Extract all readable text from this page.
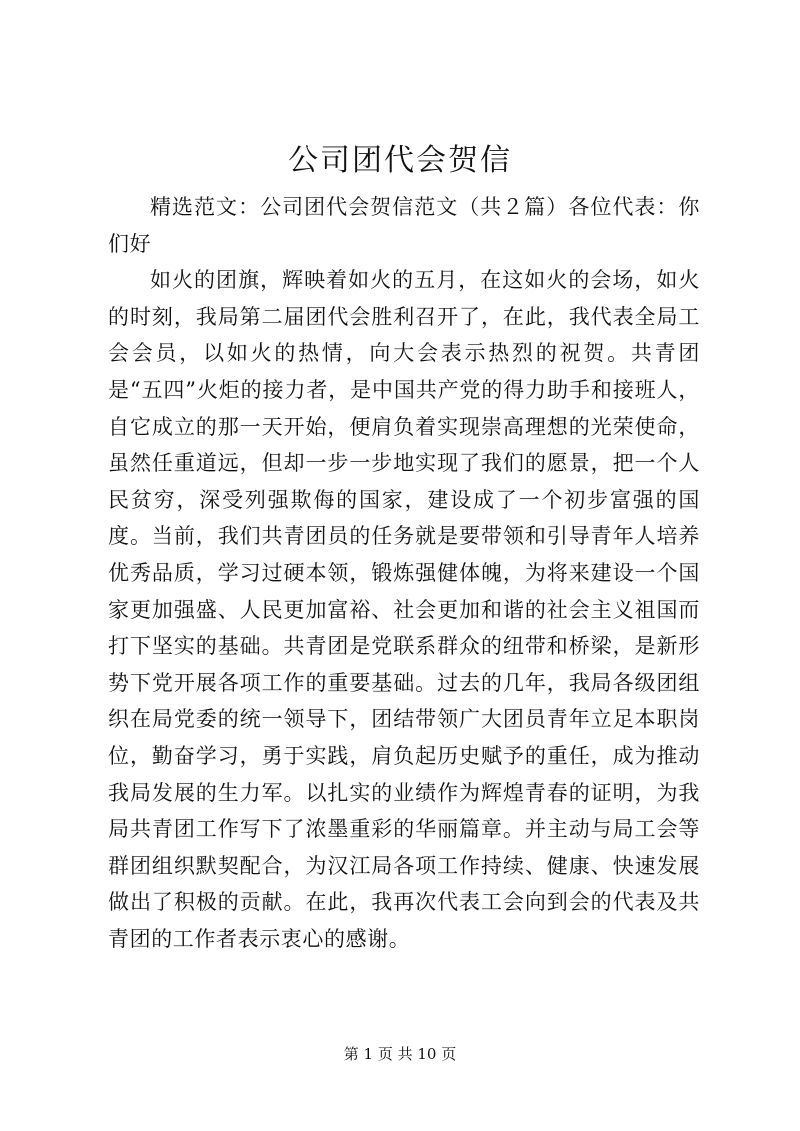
公司团代会贺信

精选范文：公司团代会贺信范文（共２篇）各位代表：你们好

如火的团旗，辉映着如火的五月，在这如火的会场，如火的时刻，我局第二届团代会胜利召开了，在此，我代表全局工会会员，以如火的热情，向大会表示热烈的祝贺。共青团是“五四”火炬的接力者，是中国共产党的得力助手和接班人，自它成立的那一天开始，便肩负着实现崇高理想的光荣使命，虽然任重道远，但却一步一步地实现了我们的愿景，把一个人民贫穷，深受列强欺侮的国家，建设成了一个初步富强的国度。当前，我们共青团员的任务就是要带领和引导青年人培养优秀品质，学习过硬本领，锻炼强健体魄，为将来建设一个国家更加强盛、人民更加富裕、社会更加和谐的社会主义祖国而打下坚实的基础。共青团是党联系群众的纽带和桥梁，是新形势下党开展各项工作的重要基础。过去的几年，我局各级团组织在局党委的统一领导下，团结带领广大团员青年立足本职岗位，勤奋学习，勇于实践，肩负起历史赋予的重任，成为推动我局发展的生力军。以扎实的业绩作为辉煌青春的证明，为我局共青团工作写下了浓墨重彩的华丽篇章。并主动与局工会等群团组织默契配合，为汉江局各项工作持续、健康、快速发展做出了积极的贡献。在此，我再次代表工会向到会的代表及共青团的工作者表示衷心的感谢。

第 1 页 共 10 页
